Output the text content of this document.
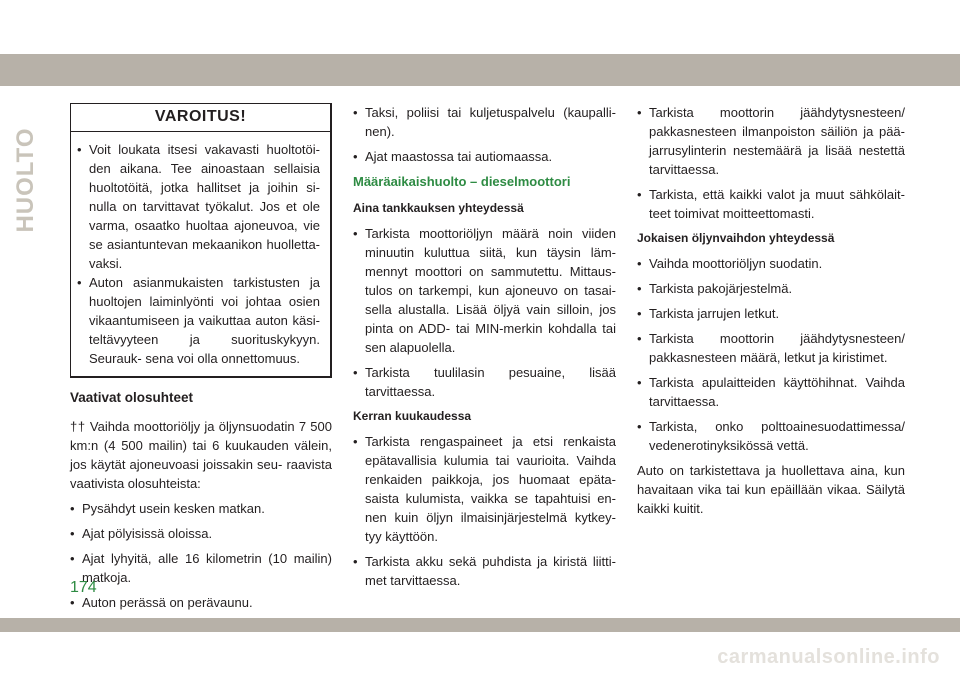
HUOLTO
VAROITUS!
• Voit loukata itsesi vakavasti huoltotöi- den aikana. Tee ainoastaan sellaisia huoltotöitä, jotka hallitset ja joihin si- nulla on tarvittavat työkalut. Jos et ole varma, osaatko huoltaa ajoneuvoa, vie se asiantuntevan mekaanikon huolletta- vaksi.
• Auton asianmukaisten tarkistusten ja huoltojen laiminlyönti voi johtaa osien vikaantumiseen ja vaikuttaa auton käsi- teltävyyteen ja suorituskykyyn. Seurauk- sena voi olla onnettomuus.
Vaativat olosuhteet

†† Vaihda moottoriöljy ja öljynsuodatin 7 500 km:n (4 500 mailin) tai 6 kuukauden välein, jos käytät ajoneuvoasi joissakin seu- raavista vaativista olosuhteista:

• Pysähdyt usein kesken matkan.
• Ajat pölyisissä oloissa.
• Ajat lyhyitä, alle 16 kilometrin (10 mailin) matkoja.
• Auton perässä on perävaunu.
• Taksi, poliisi tai kuljetuspalvelu (kaupalli- nen).
• Ajat maastossa tai autiomaassa.
Määräaikaishuolto – dieselmoottori
Aina tankkauksen yhteydessä
• Tarkista moottoriöljyn määrä noin viiden minuutin kuluttua siitä, kun täysin läm- mennyt moottori on sammutettu. Mittaus- tulos on tarkempi, kun ajoneuvo on tasai- sella alustalla. Lisää öljyä vain silloin, jos pinta on ADD- tai MIN-merkin kohdalla tai sen alapuolella.
• Tarkista tuulilasin pesuaine, lisää tarvittaessa.
Kerran kuukaudessa
• Tarkista rengaspaineet ja etsi renkaista epätavallisia kulumia tai vaurioita. Vaihda renkaiden paikkoja, jos huomaat epäta- saista kulumista, vaikka se tapahtuisi en- nen kuin öljyn ilmaisinjärjestelmä kytkey- tyy käyttöön.
• Tarkista akku sekä puhdista ja kiristä liitti- met tarvittaessa.
• Tarkista moottorin jäähdytysnesteen/ pakkasnesteen ilmanpoiston säiliön ja pää- jarrusylinterin nestemäärä ja lisää nestettä tarvittaessa.
• Tarkista, että kaikki valot ja muut sähkölait- teet toimivat moitteettomasti.
Jokaisen öljynvaihdon yhteydessä
• Vaihda moottoriöljyn suodatin.
• Tarkista pakojärjestelmä.
• Tarkista jarrujen letkut.
• Tarkista moottorin jäähdytysnesteen/ pakkasnesteen määrä, letkut ja kiristimet.
• Tarkista apulaitteiden käyttöhihnat. Vaihda tarvittaessa.
• Tarkista, onko polttoainesuodattimessa/ vedenerotinyksikössä vettä.

Auto on tarkistettava ja huollettava aina, kun havaitaan vika tai kun epäillään vikaa. Säilytä kaikki kuitit.

174
carmanualsonline.info
